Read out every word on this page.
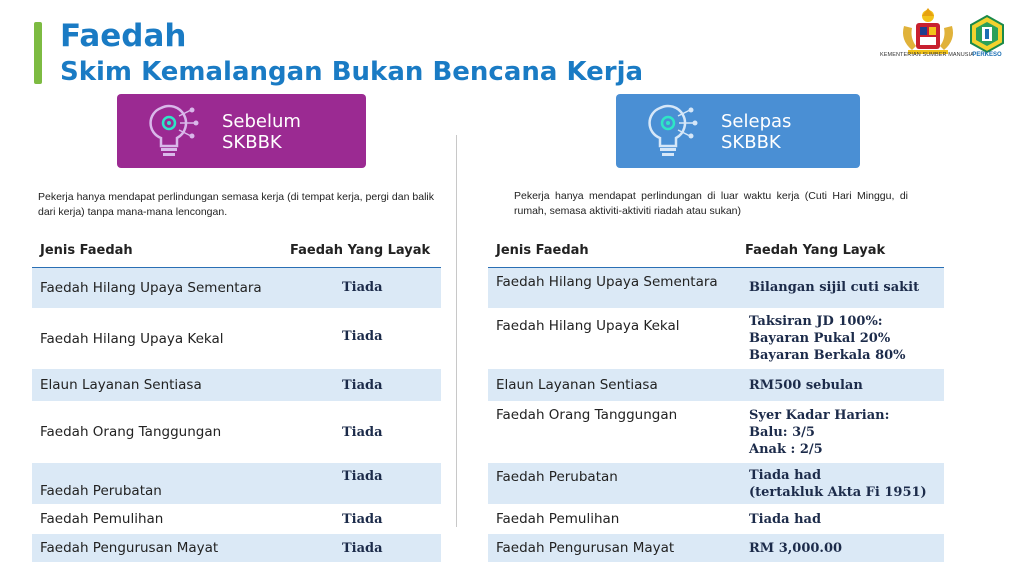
Faedah
Skim Kemalangan Bukan Bencana Kerja
KEMENTERIAN SUMBER MANUSIA
PERKESO
Sebelum
SKBBK
Selepas
SKBBK

Pekerja hanya mendapat perlindungan semasa kerja (di tempat kerja, pergi dan balik dari kerja) tanpa mana-mana lencongan.

Pekerja hanya mendapat perlindungan di luar waktu kerja (Cuti Hari Minggu, di rumah, semasa aktiviti-aktiviti riadah atau sukan)

Jenis Faedah	Faedah Yang Layak
Faedah Hilang Upaya Sementara	Tiada
Faedah Hilang Upaya Kekal	Tiada
Elaun Layanan Sentiasa	Tiada
Faedah Orang Tanggungan	Tiada
Faedah Perubatan	Tiada
Faedah Pemulihan	Tiada
Faedah Pengurusan Mayat	Tiada
Jenis Faedah	Faedah Yang Layak
Faedah Hilang Upaya Sementara	Bilangan sijil cuti sakit

Faedah Hilang Upaya Kekal	Taksiran JD 100%:
Bayaran Pukal 20%
Bayaran Berkala 80%

Elaun Layanan Sentiasa	RM500 sebulan

Faedah Orang Tanggungan	Syer Kadar Harian:
Balu: 3/5
Anak : 2/5

Faedah Perubatan	Tiada had
(tertakluk Akta Fi 1951)

Faedah Pemulihan	Tiada had

Faedah Pengurusan Mayat	RM 3,000.00
